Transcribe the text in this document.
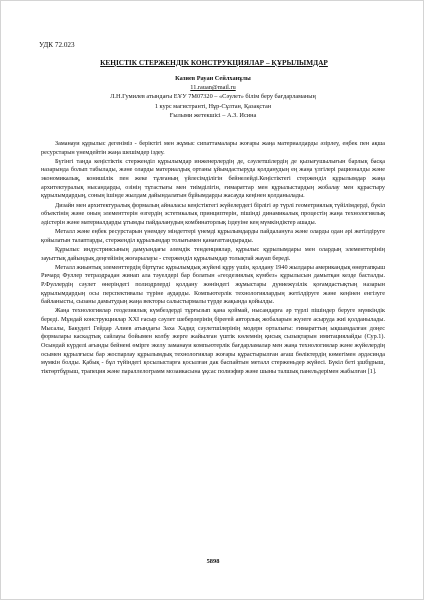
УДК 72.023
КЕҢІСТІК СТЕРЖЕНДІК КОНСТРУКЦИЯЛАР – ҚҰРЫЛЫМДАР
Казиев Рауан Сейлханұлы
11.rauan@mail.ru
Л.Н.Гумилев атындағы ЕҰУ 7М07320 – «Сәулет» білім беру бағдарламаның
1 курс магистранті, Нұр-Сұлтан, Қазақстан
Ғылыми жетекшісі – А.З. Исина

Заманауи құрылыс дегеніміз - беріктігі мен жұмыс сипаттамалары жоғары жаңа материалдарды әзірлеу, еңбек пен ақша ресурстарын үнемдейтін жаңа шешімдер іздеу.

Бүгінгі таңда кеңістіктік стерженділ құрылымдар инженерлердің де, сәулетшілердің де қызығушылығын барлық басқа назарында болып табылады, және оларды материалдық ортаны ұйымдастыруда қолданудың ең жаңа үлгілері рационалды және экономикалық, конишілік пен жеке тұлғаның үйлесімділігін бейнелейді.Кеңістіктегі стерженділ құрылымдар жаңа архитектуралық нысандарды, озінің тұтастығы мен тиімділігін, ғимараттар мен құрылыстардың жобалау мен құрастыру құрылымдардың, соның ішінде жылдам дайындалатын бұйымдарды жасауда кеңінен қолданылады.

Дизайн мен архитектуралық формалың айналасы кеңістіктегі жүйелердегі бірлігі әр түрлі геометриялық түйілімдерді, бүкіл объектінің және оның элементтерін өзгердің эстетикалық принциптерін, пішіндi динамикалық процестің жаңа технологиялық әдістерін және материалдарды ұтымды пайдаланудың комбинаторлық іздеуіне кең мүмкіндіктер ашады.

Металл және еңбек ресурстарын үнемдеу міндеттері үнемді құрылымдарды пайдалануға және оларды одан әрі жетілдіруге қойылатын талаптарды, стерженділ құрылымдар толығымен қанағаттандырады.

Құрылыс индустриясының дамуындағы әлемдік тенденциялар, құрылыс құрылымдары мен олардың элементтерінің зауыттық дайындық деңгейінің жоғарылауы - стерженділ құрылымдар толықтай жауап береді.

Металл жиынтық элементтердің біртұтас құрылымдық жүйені құру үшін, қолдану 1940 жылдары американдық өнертапқыш Ричард Фуллер тетраэдрадан жинап ала тәуелдері бар болатын «геодезиялық күмбез» құрылысын дамытқан кезде басталды. Р.Фуллердің сәулет өнеріндегі полиэдрлерді қолдану жөніндегі жұмыстары дүниежүзілік қоғамдастықтың назарын құрылымдардың осы перспективалы түріне аударды. Компьютерлік технологиялардың жетілдіруге және кеңінен енгізуге байланысты, сызаны дамытудың жаңа векторы салыстырмалы түрде жақында қойылды.

Жаңа технологиялар геодезиялық күмбездерді тұрғызып қана қоймай, нысандарға әр түрлі пішіндер беруге мүмкіндік береді. Мұндай конструкциялар XXI ғасыр сәулет шеберлерінің біреғей авторлық жобаларын жүзеге асыруда жиі қолданылады. Мысалы, Бакудегі Гейдар Алиев атындағы Заха Хадид сәулетшілерінің модерн орталығы: ғимараттың ықшамдалған доңес формалары каскадтық сайлауы бойымен колбу жерге жайылған үштік көлемнің қисық сызықтарын имитациялайды (Сур.1). Осындай күрделі ағынды бейнені өмірге экелу заманауи компьютерлік бағдарламалар мен жаңа технологиялар және жүйелердің осымен құрылғысы бар жоспарлау құрылымдық технологиялар жоғары құрастырылған ағаш бөліктердің көмегімен әрдәсинда мүмкін болды. Қабық - бұл түйіндегі қосылыстарға қосылған дак баспайтын металл стерженьдер жүйесі. Бүкіл беті ұшбұрыш, тіктөртбұрыш, трапеция және параллелограмм мозаикасына ұқсас полиэфир және шыны талшық панельдерімен жабылған [1].

5898
